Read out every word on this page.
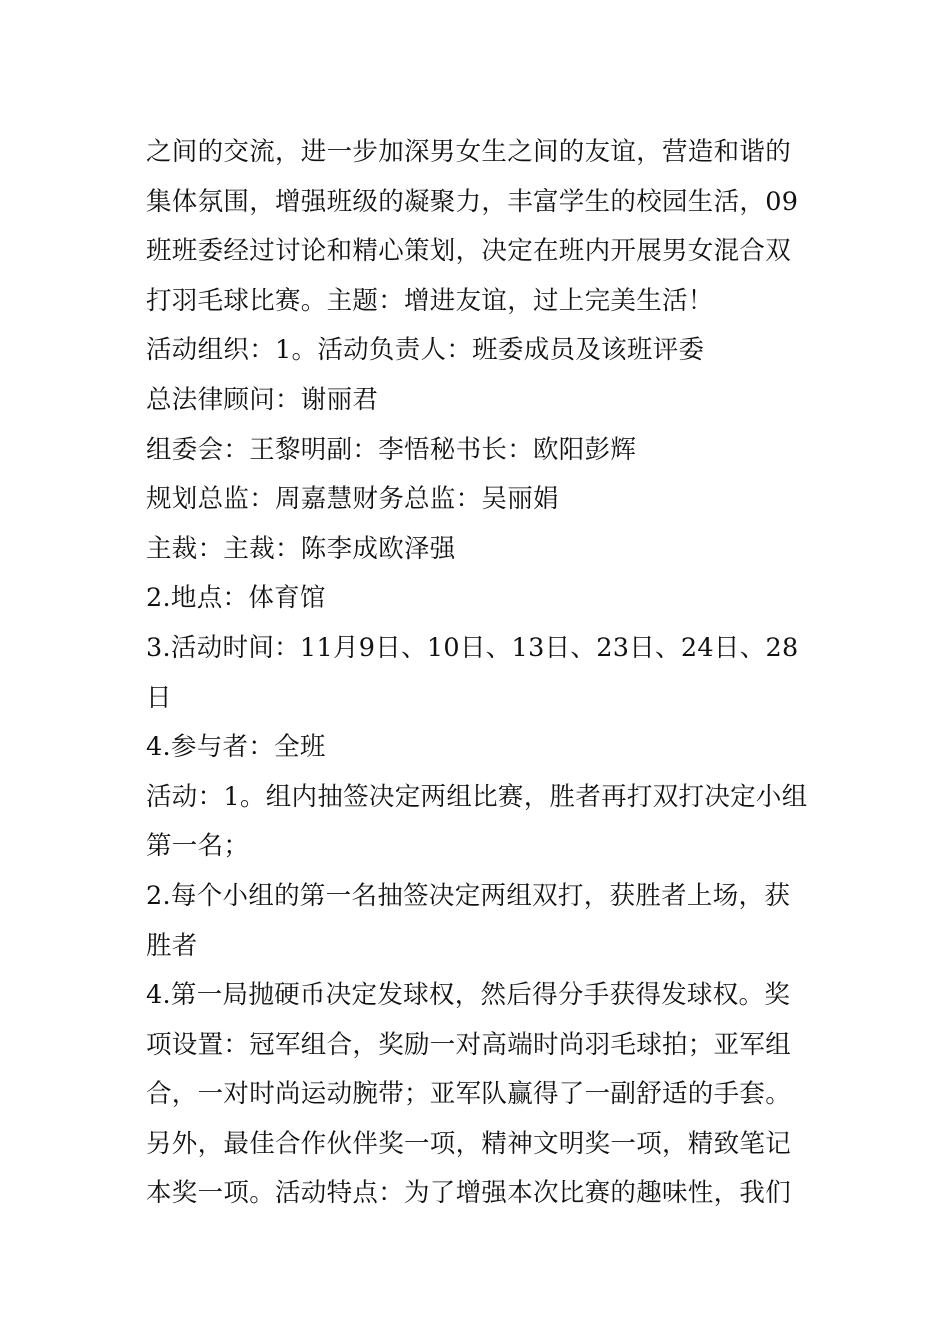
之间的交流，进一步加深男女生之间的友谊，营造和谐的
集体氛围，增强班级的凝聚力，丰富学生的校园生活，09
班班委经过讨论和精心策划，决定在班内开展男女混合双
打羽毛球比赛。主题：增进友谊，过上完美生活！
活动组织：1。活动负责人：班委成员及该班评委
总法律顾问：谢丽君
组委会：王黎明副：李悟秘书长：欧阳彭辉
规划总监：周嘉慧财务总监：吴丽娟
主裁：主裁：陈李成欧泽强
2.地点：体育馆
3.活动时间：11月9日、10日、13日、23日、24日、28
日
4.参与者：全班
活动：1。组内抽签决定两组比赛，胜者再打双打决定小组
第一名；
2.每个小组的第一名抽签决定两组双打，获胜者上场，获
胜者
4.第一局抛硬币决定发球权，然后得分手获得发球权。奖
项设置：冠军组合，奖励一对高端时尚羽毛球拍；亚军组
合，一对时尚运动腕带；亚军队赢得了一副舒适的手套。
另外，最佳合作伙伴奖一项，精神文明奖一项，精致笔记
本奖一项。活动特点：为了增强本次比赛的趣味性，我们
